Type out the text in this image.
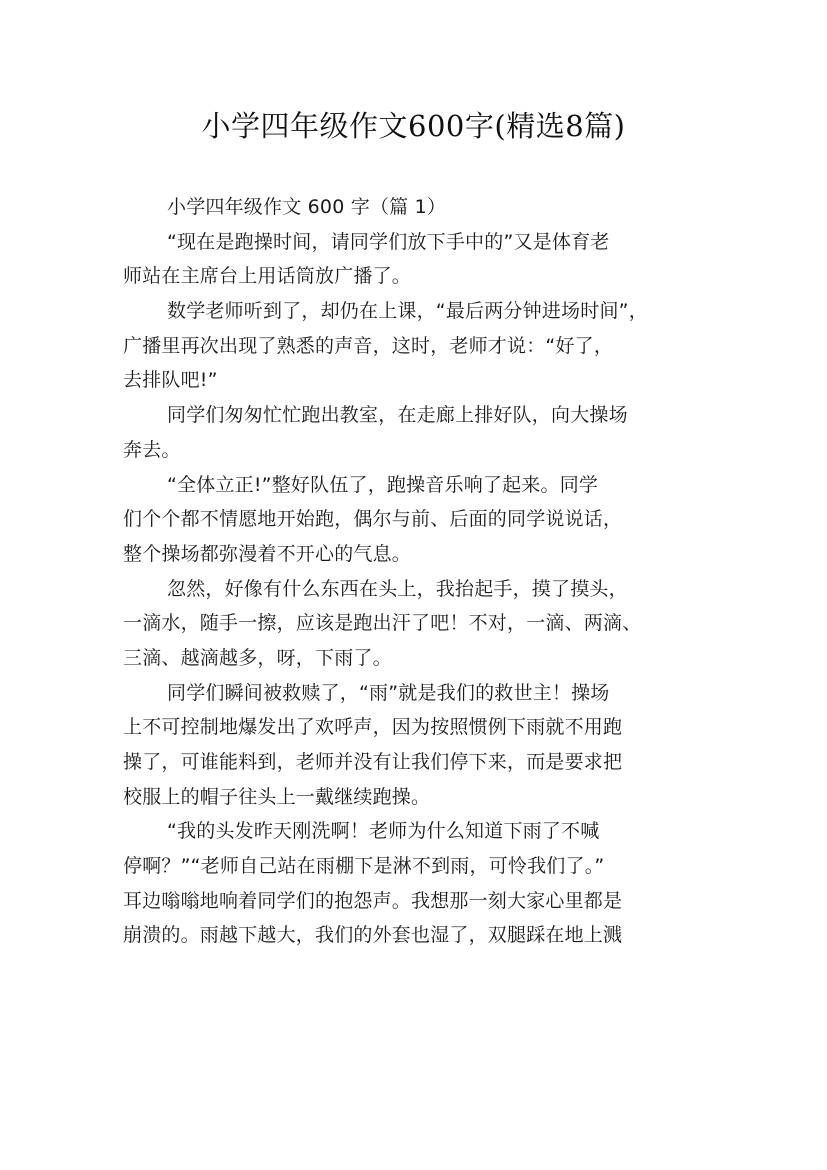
小学四年级作文600字(精选8篇)
小学四年级作文 600 字（篇 1）
“现在是跑操时间，请同学们放下手中的”又是体育老
师站在主席台上用话筒放广播了。
数学老师听到了，却仍在上课，“最后两分钟进场时间”，
广播里再次出现了熟悉的声音，这时，老师才说：“好了，
去排队吧!”
同学们匆匆忙忙跑出教室，在走廊上排好队，向大操场
奔去。
“全体立正!”整好队伍了，跑操音乐响了起来。同学
们个个都不情愿地开始跑，偶尔与前、后面的同学说说话，
整个操场都弥漫着不开心的气息。
忽然，好像有什么东西在头上，我抬起手，摸了摸头，
一滴水，随手一擦，应该是跑出汗了吧！不对，一滴、两滴、
三滴、越滴越多，呀，下雨了。
同学们瞬间被救赎了，“雨”就是我们的救世主！操场
上不可控制地爆发出了欢呼声，因为按照惯例下雨就不用跑
操了，可谁能料到，老师并没有让我们停下来，而是要求把
校服上的帽子往头上一戴继续跑操。
“我的头发昨天刚洗啊！老师为什么知道下雨了不喊
停啊？”“老师自己站在雨棚下是淋不到雨，可怜我们了。”
耳边嗡嗡地响着同学们的抱怨声。我想那一刻大家心里都是
崩溃的。雨越下越大，我们的外套也湿了，双腿踩在地上溅
